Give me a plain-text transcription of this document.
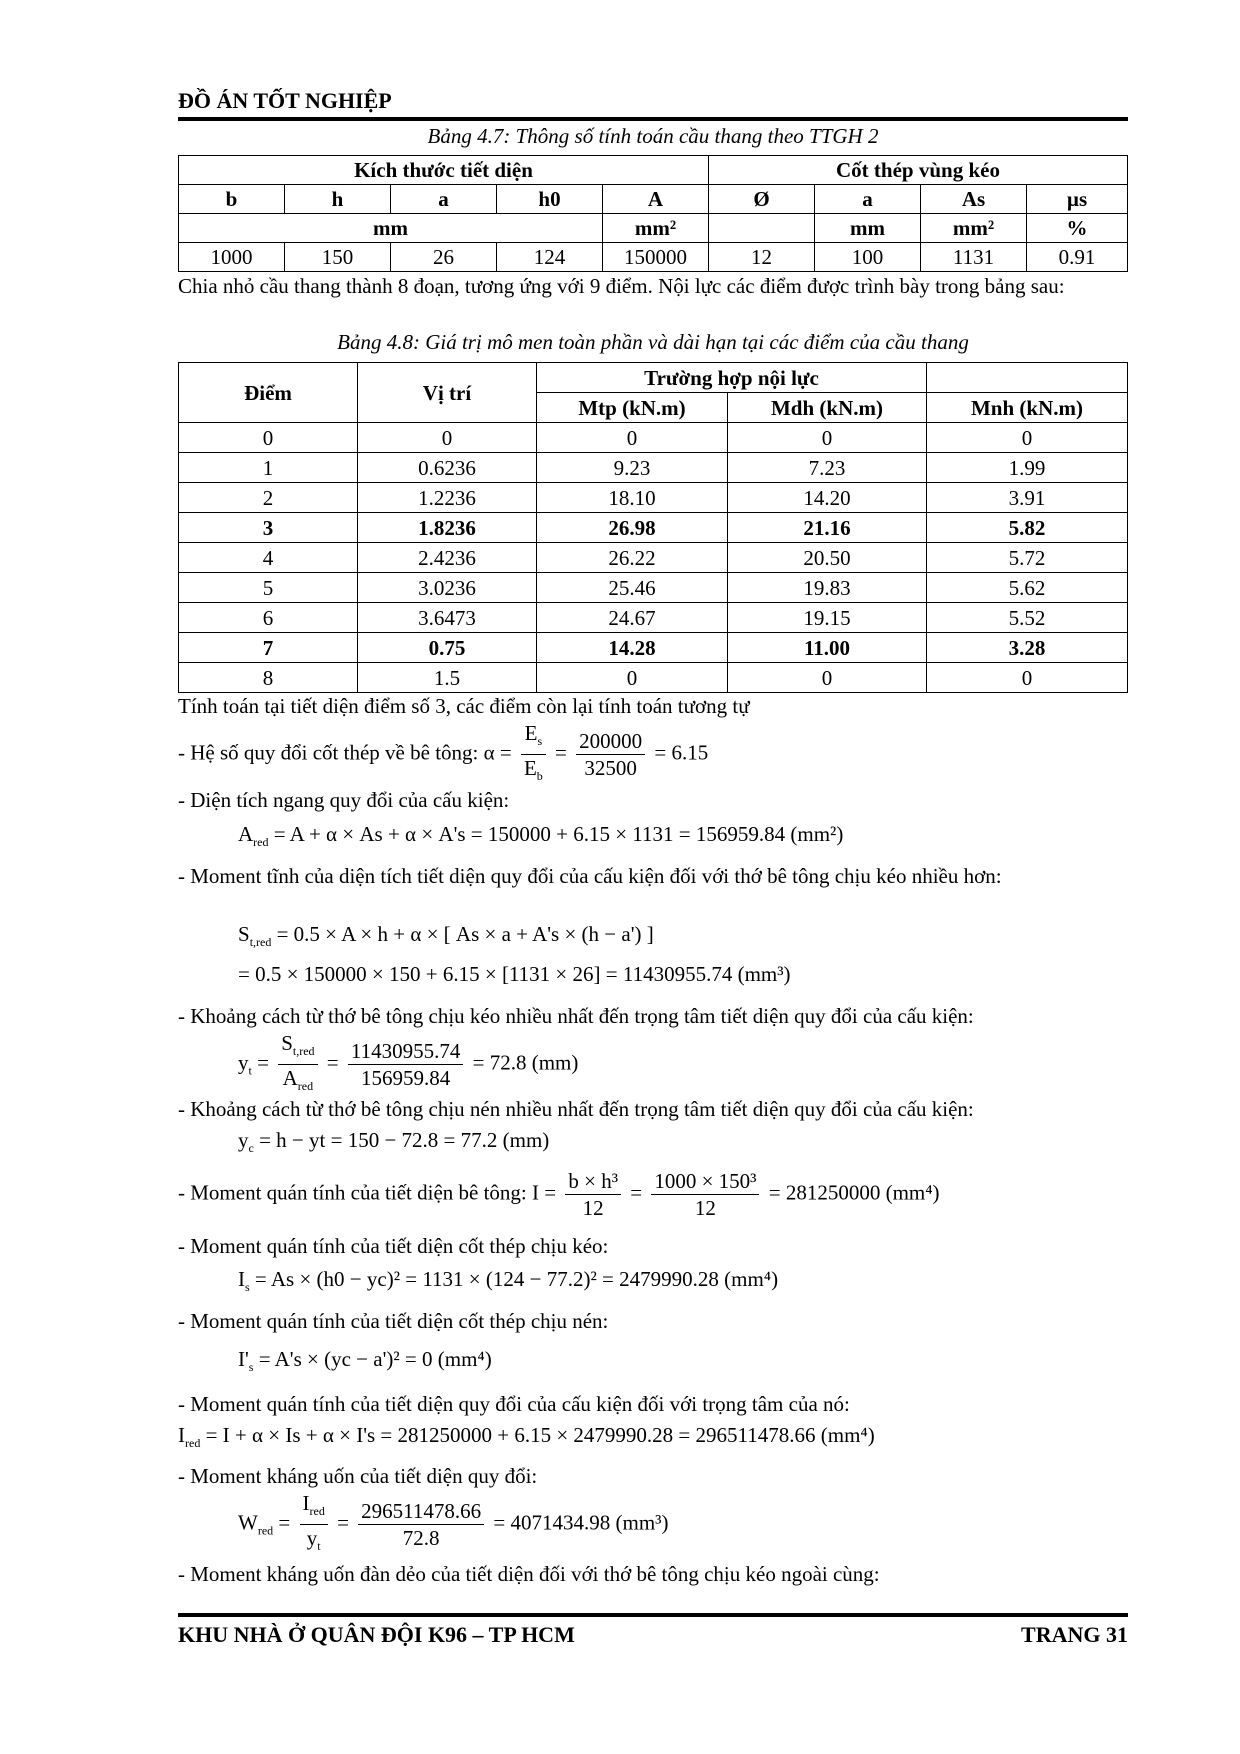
ĐỒ ÁN TỐT NGHIỆP
Bảng 4.7: Thông số tính toán cầu thang theo TTGH 2
Kích thước tiết diện					Cốt thép vùng kéo			
b	h	a	h0	A	Ø	a	As	µs
mm				mm²		mm	mm²	%
1000	150	26	124	150000	12	100	1131	0.91
Chia nhỏ cầu thang thành 8 đoạn, tương ứng với 9 điểm. Nội lực các điểm được trình bày trong bảng sau:
Bảng 4.8: Giá trị mô men toàn phần và dài hạn tại các điểm của cầu thang
Điểm	Vị trí	Trường hợp nội lực		
		Mtp (kN.m)	Mdh (kN.m)	Mnh (kN.m)
0	0	0	0	0
1	0.6236	9.23	7.23	1.99
2	1.2236	18.10	14.20	3.91
3	1.8236	26.98	21.16	5.82
4	2.4236	26.22	20.50	5.72
5	3.0236	25.46	19.83	5.62
6	3.6473	24.67	19.15	5.52
7	0.75	14.28	11.00	3.28
8	1.5	0	0	0
Tính toán tại tiết diện điểm số 3, các điểm còn lại tính toán tương tự
- Hệ số quy đổi cốt thép về bê tông: $\alpha = \frac{E_s}{E_b} = \frac{200000}{32500} = 6.15$
- Diện tích ngang quy đổi của cấu kiện:
$A_{red} = A + \alpha \times As + \alpha \times A's = 150000 + 6.15 \times 1131 = 156959.84$ (mm²)
- Moment tĩnh của diện tích tiết diện quy đổi của cấu kiện đối với thớ bê tông chịu kéo nhiều hơn:
$S_{t,red} = 0.5 \times A \times h + \alpha$ × [ As × a + A's × (h − a') ]
= 0.5 × 150000 × 150 + 6.15 × [1131 × 26] = 11430955.74 (mm³)
- Khoảng cách từ thớ bê tông chịu kéo nhiều nhất đến trọng tâm tiết diện quy đổi của cấu kiện:
$y_t = \frac{S_{t,red}}{A_{red}} = \frac{11430955.74}{156959.84} = 72.8$ (mm)
- Khoảng cách từ thớ bê tông chịu nén nhiều nhất đến trọng tâm tiết diện quy đổi của cấu kiện:
$y_c = h$ − yt = 150 − 72.8 = 77.2 (mm)
- Moment quán tính của tiết diện bê tông: $I = \frac{\text{b × h³}}{12} = \frac{\text{1000 × 150³}}{12} = 281250000$ (mm⁴)
- Moment quán tính của tiết diện cốt thép chịu kéo:
$I_s = As \times (h0 - yc)^2 = 1131 \times (124 - 77.2)^2 = 2479990.28$ (mm⁴)
- Moment quán tính của tiết diện cốt thép chịu nén:
$I'_s = A's \times (yc - a')^2 = 0$ (mm⁴)
- Moment quán tính của tiết diện quy đổi của cấu kiện đối với trọng tâm của nó:
$I_{red} = I + \alpha \times Is + \alpha \times I's = 281250000 + 6.15 \times 2479990.28 = 296511478.66$ (mm⁴)
- Moment kháng uốn của tiết diện quy đổi:
$W_{red} = \frac{I_{red}}{y_t} = \frac{296511478.66}{72.8} = 4071434.98$ (mm³)
- Moment kháng uốn đàn dẻo của tiết diện đối với thớ bê tông chịu kéo ngoài cùng:
KHU NHÀ Ở QUÂN ĐỘI K96 – TP HCM	TRANG 31
